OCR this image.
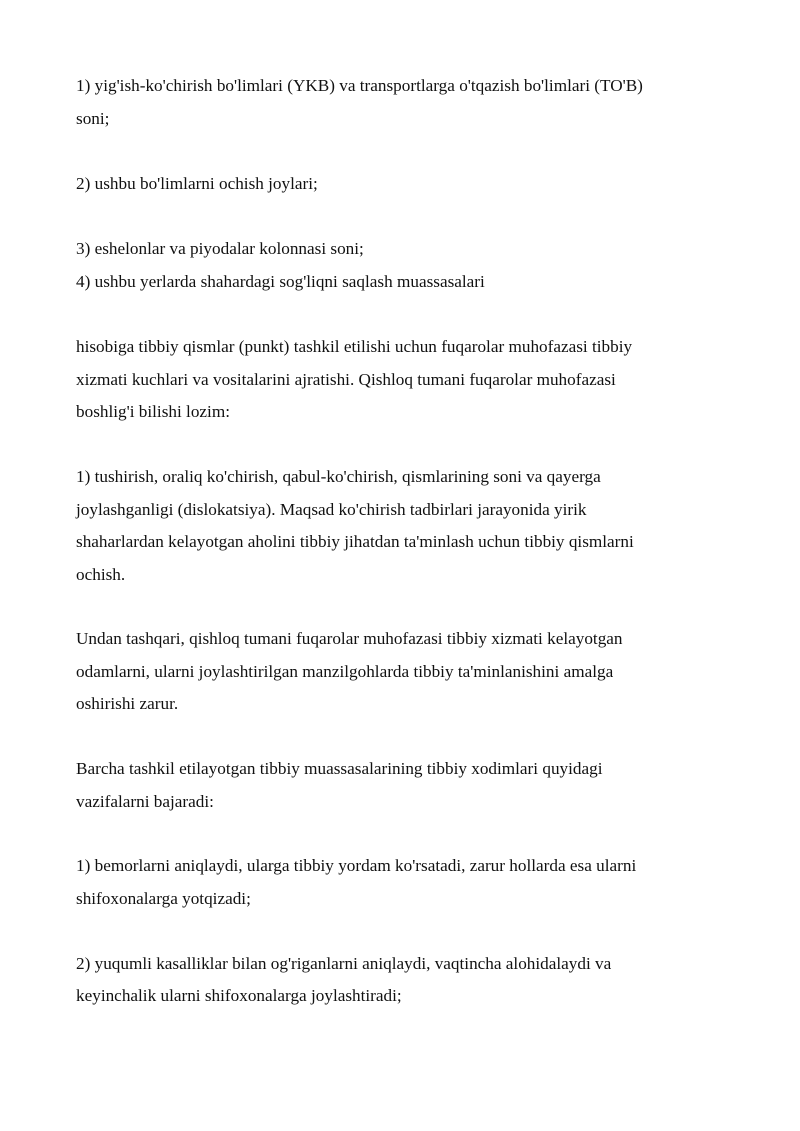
1) yig'ish-ko'chirish bo'limlari (YKB) va transportlarga o'tqazish bo'limlari (TO'B)

soni;

2) ushbu bo'limlarni ochish joylari;

3) eshelonlar va piyodalar kolonnasi soni;

4) ushbu yerlarda shahardagi sog'liqni saqlash muassasalari

hisobiga tibbiy qismlar (punkt) tashkil etilishi uchun fuqarolar muhofazasi tibbiy

xizmati kuchlari va vositalarini ajratishi. Qishloq tumani fuqarolar muhofazasi

boshlig'i bilishi lozim:

1) tushirish, oraliq ko'chirish, qabul-ko'chirish, qismlarining soni va qayerga

joylashganligi (dislokatsiya). Maqsad ko'chirish tadbirlari jarayonida yirik

shaharlardan kelayotgan aholini tibbiy jihatdan ta'minlash uchun tibbiy qismlarni

ochish.

Undan tashqari, qishloq tumani fuqarolar muhofazasi tibbiy xizmati kelayotgan

odamlarni, ularni joylashtirilgan manzilgohlarda tibbiy ta'minlanishini amalga

oshirishi zarur.

Barcha tashkil etilayotgan tibbiy muassasalarining tibbiy xodimlari quyidagi

vazifalarni bajaradi:

1) bemorlarni aniqlaydi, ularga tibbiy yordam ko'rsatadi, zarur hollarda esa ularni

shifoxonalarga yotqizadi;

2) yuqumli kasalliklar bilan og'riganlarni aniqlaydi, vaqtincha alohidalaydi va

keyinchalik ularni shifoxonalarga joylashtiradi;
